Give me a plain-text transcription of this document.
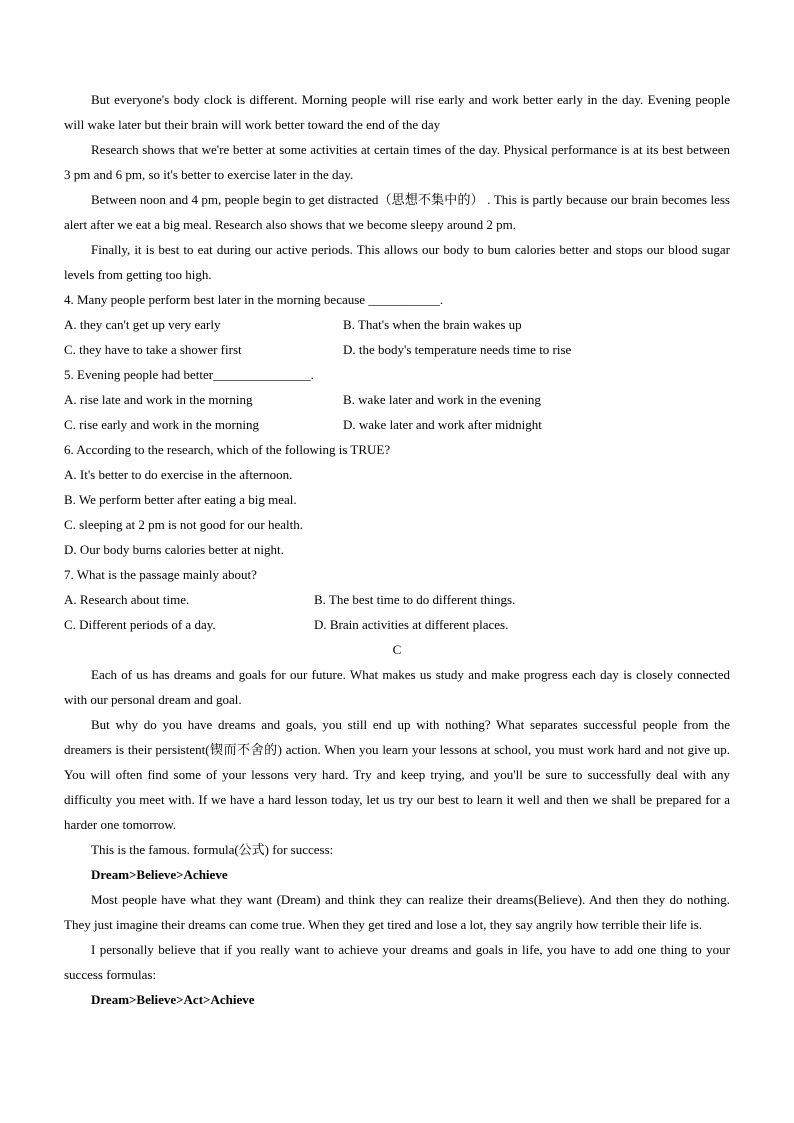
But everyone's body clock is different. Morning people will rise early and work better early in the day. Evening people will wake later but their brain will work better toward the end of the day

Research shows that we're better at some activities at certain times of the day. Physical performance is at its best between 3 pm and 6 pm, so it's better to exercise later in the day.

Between noon and 4 pm, people begin to get distracted（思想不集中的） . This is partly because our brain becomes less alert after we eat a big meal. Research also shows that we become sleepy around 2 pm.

Finally, it is best to eat during our active periods. This allows our body to bum calories better and stops our blood sugar levels from getting too high.

4. Many people perform best later in the morning because ___________.

A. they can't get up very early	B. That's when the brain wakes up
C. they have to take a shower first	D. the body's temperature needs time to rise

5. Evening people had better_______________.

A. rise late and work in the morning	B. wake later and work in the evening
C. rise early and work in the morning	D. wake later and work after midnight

6. According to the research, which of the following is TRUE?

A. It's better to do exercise in the afternoon.

B. We perform better after eating a big meal.

C. sleeping at 2 pm is not good for our health.

D. Our body burns calories better at night.

7. What is the passage mainly about?

A. Research about time.	B. The best time to do different things.
C. Different periods of a day.	D. Brain activities at different places.

C

Each of us has dreams and goals for our future. What makes us study and make progress each day is closely connected with our personal dream and goal.

But why do you have dreams and goals, you still end up with nothing? What separates successful people from the dreamers is their persistent(锲而不舍的) action. When you learn your lessons at school, you must work hard and not give up. You will often find some of your lessons very hard. Try and keep trying, and you'll be sure to successfully deal with any difficulty you meet with. If we have a hard lesson today, let us try our best to learn it well and then we shall be prepared for a harder one tomorrow.

This is the famous. formula(公式) for success:

Dream>Believe>Achieve

Most people have what they want (Dream) and think they can realize their dreams(Believe). And then they do nothing. They just imagine their dreams can come true. When they get tired and lose a lot, they say angrily how terrible their life is.

I personally believe that if you really want to achieve your dreams and goals in life, you have to add one thing to your success formulas:

Dream>Believe>Act>Achieve
